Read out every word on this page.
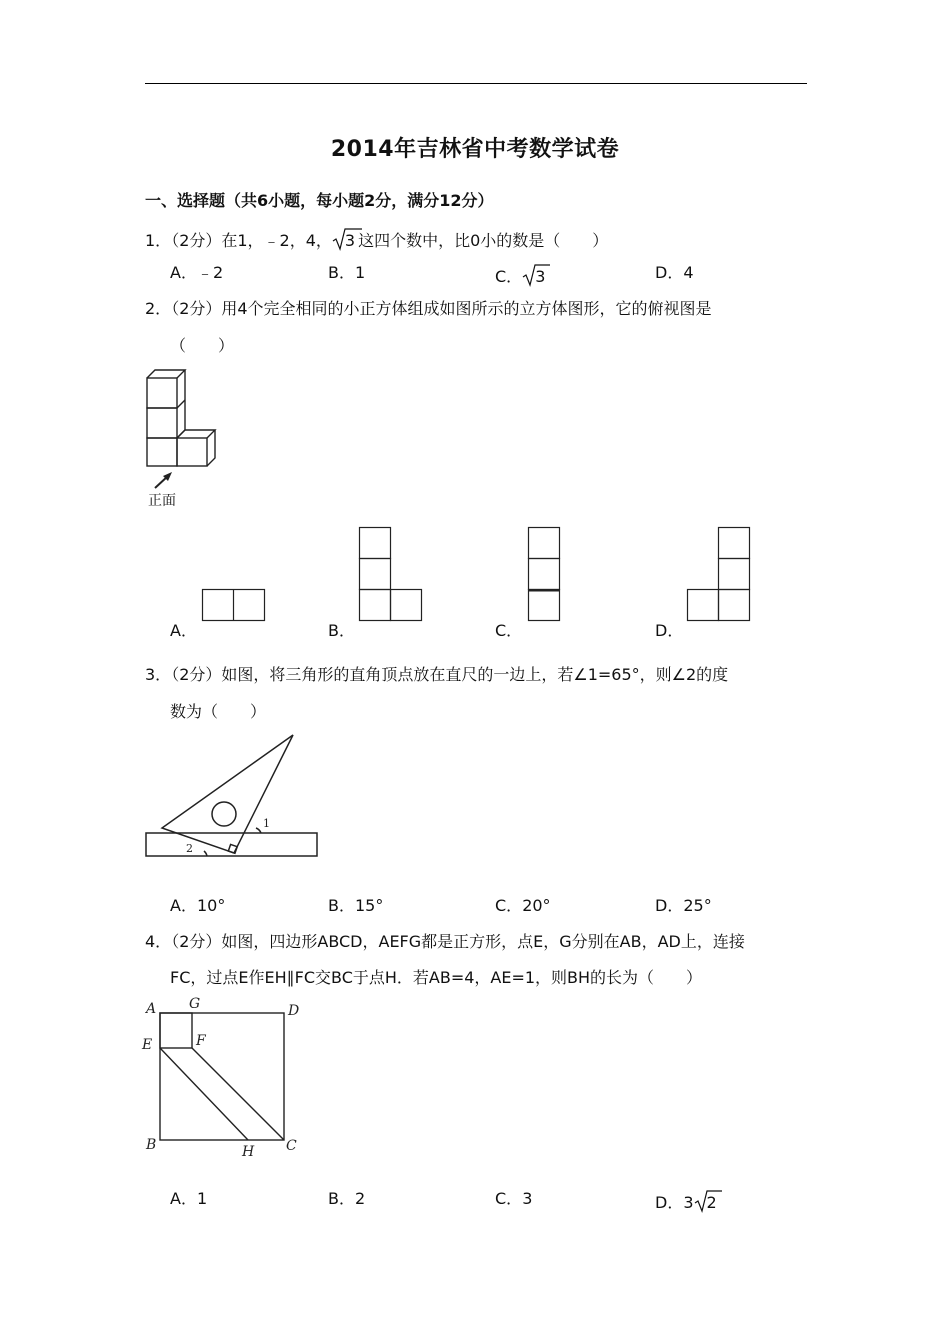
2014年吉林省中考数学试卷
一、选择题（共6小题，每小题2分，满分12分）
1．（2分）在1，﹣2，4， 3 这四个数中，比0小的数是（　　）
A．﹣2	B．1	C． 3	D．4
2．（2分）用4个完全相同的小正方体组成如图所示的立方体图形，它的俯视图是
（　　）
正面
A．	B．	C．	D．
3．（2分）如图，将三角形的直角顶点放在直尺的一边上，若∠1=65°，则∠2的度
数为（　　）
1
2
A．10°	B．15°	C．20°	D．25°
4．（2分）如图，四边形ABCD，AEFG都是正方形，点E，G分别在AB，AD上，连接
FC，过点E作EH∥FC交BC于点H．若AB=4，AE=1，则BH的长为（　　）
A G	D
E	F
B	H C
A．1	B．2	C．3	D．3 2
